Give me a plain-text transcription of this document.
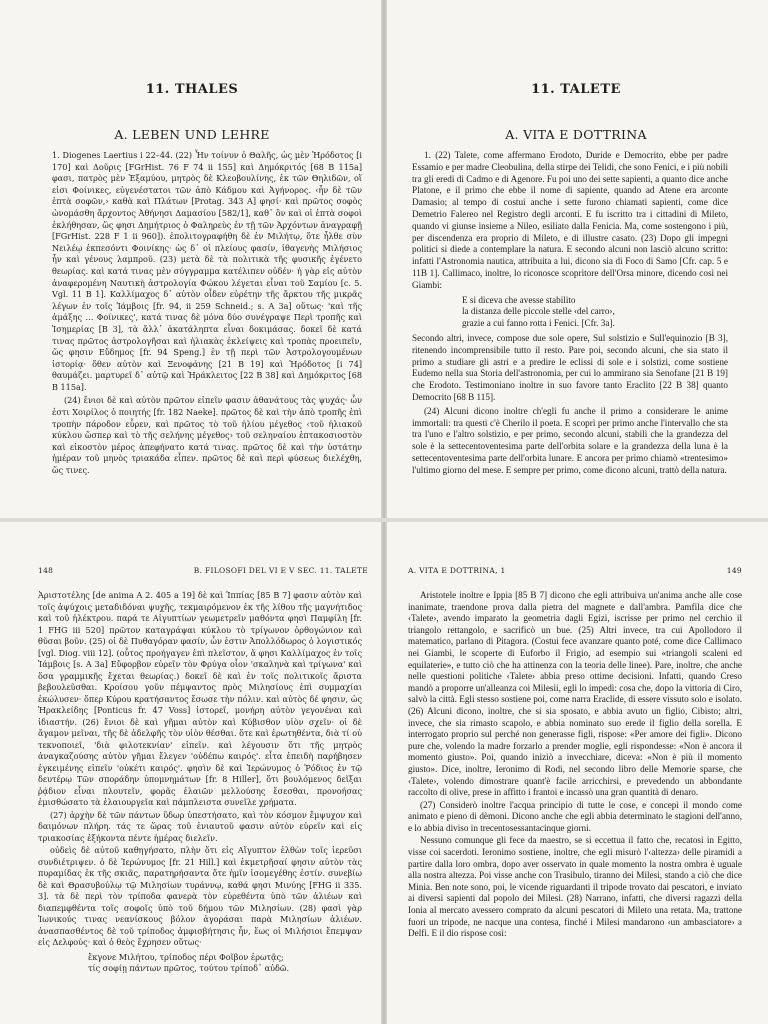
11. THALES
A. LEBEN UND LEHRE

1. Diogenes Laertius i 22–44. (22) Ἦν τοίνυν ὁ Θαλῆς, ὡς μὲν Ἡρόδοτος [i 170] καὶ Δοῦρις [FGrHist. 76 F 74 ii 155] καὶ Δημόκριτός [68 B 115a] φασι, πατρὸς μὲν Ἐξαμύου, μητρὸς δὲ Κλεοβουλίνης, ἐκ τῶν Θηλιδῶν, οἵ εἰσι Φοίνικες, εὐγενέστατοι τῶν ἀπὸ Κάδμου καὶ Ἀγήνορος. ‹ἦν δὲ τῶν ἑπτὰ σοφῶν,› καθὰ καὶ Πλάτων [Protag. 343 A] φησί· καὶ πρῶτος σοφὸς ὠνομάσθη ἄρχοντος Ἀθήνησι Δαμασίου [582/1], καθ᾽ ὃν καὶ οἱ ἑπτὰ σοφοὶ ἐκλήθησαν, ὥς φησι Δημήτριος ὁ Φαληρεὺς ἐν τῇ τῶν Ἀρχόντων ἀναγραφῇ [FGrHist. 228 F 1 ii 960]). ἐπολιτογραφήθη δὲ ἐν Μιλήτῳ, ὅτε ἦλθε σὺν Νειλέῳ ἐκπεσόντι Φοινίκης· ὡς δ᾽ οἱ πλείους φασίν, ἰθαγενὴς Μιλήσιος ἦν καὶ γένους λαμπροῦ. (23) μετὰ δὲ τὰ πολιτικὰ τῆς φυσικῆς ἐγένετο θεωρίας. καὶ κατά τινας μὲν σύγγραμμα κατέλιπεν οὐδέν· ἡ γὰρ εἰς αὐτὸν ἀναφερομένη Ναυτικὴ ἀστρολογία Φώκου λέγεται εἶναι τοῦ Σαμίου [c. 5. Vgl. 11 B 1]. Καλλίμαχος δ᾽ αὐτὸν οἶδεν εὑρέτην τῆς ἄρκτου τῆς μικρᾶς λέγων ἐν τοῖς Ἰάμβοις [fr. 94, ii 259 Schneid.; s. A 3a] οὕτως· 'καὶ τῆς ἁμάξης … Φοίνικες', κατά τινας δὲ μόνα δύο συνέγραψε Περὶ τροπῆς καὶ Ἰσημερίας [B 3], τὰ ἄλλ᾽ ἀκατάληπτα εἶναι δοκιμάσας. δοκεῖ δὲ κατά τινας πρῶτος ἀστρολογῆσαι καὶ ἡλιακὰς ἐκλείψεις καὶ τροπὰς προειπεῖν, ὥς φησιν Εὔδημος [fr. 94 Speng.] ἐν τῇ περὶ τῶν Ἀστρολογουμένων ἱστορίᾳ· ὅθεν αὐτὸν καὶ Ξενοφάνης [21 B 19] καὶ Ἡρόδοτος [i 74] θαυμάζει. μαρτυρεῖ δ᾽ αὐτῷ καὶ Ἡράκλειτος [22 B 38] καὶ Δημόκριτος [68 B 115a].

(24) ἔνιοι δὲ καὶ αὐτὸν πρῶτον εἰπεῖν φασιν ἀθανάτους τὰς ψυχάς· ὧν ἐστι Χοιρίλος ὁ ποιητής [fr. 182 Naeke]. πρῶτος δὲ καὶ τὴν ἀπὸ τροπῆς ἐπὶ τροπὴν πάροδον εὗρεν, καὶ πρῶτος τὸ τοῦ ἡλίου μέγεθος ‹τοῦ ἡλιακοῦ κύκλου ὥσπερ καὶ τὸ τῆς σελήνης μέγεθος› τοῦ σεληναίου ἑπτακοσιοστὸν καὶ εἰκοστὸν μέρος ἀπεφήνατο κατά τινας. πρῶτος δὲ καὶ τὴν ὑστάτην ἡμέραν τοῦ μηνὸς τριακάδα εἶπεν. πρῶτος δὲ καὶ περὶ φύσεως διελέχθη, ὥς τινες.

11. TALETE
A. VITA E DOTTRINA

1. (22) Talete, come affermano Erodoto, Duride e Democrito, ebbe per padre Essamio e per madre Cleobulina, della stirpe dei Telidi, che sono Fenici, e i più nobili tra gli eredi di Cadmo e di Agenore. Fu poi uno dei sette sapienti, a quanto dice anche Platone, e il primo che ebbe il nome di sapiente, quando ad Atene era arconte Damasio; al tempo di costui anche i sette furono chiamati sapienti, come dice Demetrio Falereo nel Registro degli arconti. E fu iscritto tra i cittadini di Mileto, quando vi giunse insieme a Nileo, esiliato dalla Fenicia. Ma, come sostengono i più, per discendenza era proprio di Mileto, e di illustre casato. (23) Dopo gli impegni politici si diede a contemplare la natura. E secondo alcuni non lasciò alcuno scritto: infatti l'Astronomia nautica, attribuita a lui, dicono sia di Foco di Samo [Cfr. cap. 5 e 11B 1]. Callimaco, inoltre, lo riconosce scopritore dell'Orsa minore, dicendo così nei Giambi:

E si diceva che avesse stabilito
la distanza delle piccole stelle ‹del carro›,
grazie a cui fanno rotta i Fenici. [Cfr. 3a].

Secondo altri, invece, compose due sole opere, Sul solstizio e Sull'equinozio [B 3], ritenendo incomprensibile tutto il resto. Pare poi, secondo alcuni, che sia stato il primo a studiare gli astri e a predire le eclissi di sole e i solstizi, come sostiene Eudemo nella sua Storia dell'astronomia, per cui lo ammirano sia Senofane [21 B 19] che Erodoto. Testimoniano inoltre in suo favore tanto Eraclito [22 B 38] quanto Democrito [68 B 115].

(24) Alcuni dicono inoltre ch'egli fu anche il primo a considerare le anime immortali: tra questi c'è Cherilo il poeta. E scoprì per primo anche l'intervallo che sta tra l'uno e l'altro solstizio, e per primo, secondo alcuni, stabilì che la grandezza del sole è la settecentoventesima parte dell'orbita solare e la grandezza della luna è la settecentoventesima parte dell'orbita lunare. E ancora per primo chiamò «trentesimo» l'ultimo giorno del mese. E sempre per primo, come dicono alcuni, trattò della natura.

148	B. FILOSOFI DEL VI E V SEC. 11. TALETE

Ἀριστοτέλης [de anima A 2. 405 a 19] δὲ καὶ Ἱππίας [85 B 7] φασιν αὐτὸν καὶ τοῖς ἀψύχοις μεταδιδόναι ψυχῆς, τεκμαιρόμενον ἐκ τῆς λίθου τῆς μαγνήτιδος καὶ τοῦ ἠλέκτρου. παρά τε Αἰγυπτίων γεωμετρεῖν μαθόντα φησὶ Παμφίλη [fr. 1 FHG iii 520] πρῶτον καταγράψαι κύκλου τὸ τρίγωνον ὀρθογώνιον καὶ θῦσαι βοῦν. (25) οἱ δὲ Πυθαγόραν φασίν, ὧν ἐστιν Ἀπολλόδωρος ὁ λογιστικός [vgl. Diog. viii 12]. (οὗτος προήγαγεν ἐπὶ πλεῖστον, ἅ φησι Καλλίμαχος ἐν τοῖς Ἰάμβοις [s. A 3a] Εὔφορβον εὑρεῖν τὸν Φρύγα οἷον 'σκαληνὰ καὶ τρίγωνα' καὶ ὅσα γραμμικῆς ἔχεται θεωρίας.) δοκεῖ δὲ καὶ ἐν τοῖς πολιτικοῖς ἄριστα βεβουλεῦσθαι. Κροίσου γοῦν πέμψαντος πρὸς Μιλησίους ἐπὶ συμμαχίαι ἐκώλυσεν· ὅπερ Κύρου κρατήσαντος ἔσωσε τὴν πόλιν. καὶ αὐτὸς δέ φησιν, ὡς Ἡρακλείδης [Ponticus fr. 47 Voss] ἱστορεῖ, μονήρη αὐτὸν γεγονέναι καὶ ἰδιαστήν. (26) ἔνιοι δὲ καὶ γῆμαι αὐτὸν καὶ Κύβισθον υἱὸν σχεῖν· οἱ δὲ ἄγαμον μεῖναι, τῆς δὲ ἀδελφῆς τὸν υἱὸν θέσθαι. ὅτε καὶ ἐρωτηθέντα, διὰ τί οὐ τεκνοποιεῖ, 'διὰ φιλοτεκνίαν' εἰπεῖν. καὶ λέγουσιν ὅτι τῆς μητρὸς ἀναγκαζούσης αὐτὸν γῆμαι ἔλεγεν 'οὐδέπω καιρός'. εἶτα ἐπειδὴ παρήβησεν ἐγκειμένης εἰπεῖν 'οὐκέτι καιρός'. φησὶν δὲ καὶ Ἱερώνυμος ὁ Ῥόδιος ἐν τῷ δευτέρῳ Τῶν σποράδην ὑπομνημάτων [fr. 8 Hiller], ὅτι βουλόμενος δεῖξαι ῥᾴδιον εἶναι πλουτεῖν, φορᾶς ἐλαιῶν μελλούσης ἔσεσθαι, προνοήσας ἐμισθώσατο τὰ ἐλαιουργεῖα καὶ πάμπλειστα συνεῖλε χρήματα.

(27) ἀρχὴν δὲ τῶν πάντων ὕδωρ ὑπεστήσατο, καὶ τὸν κόσμον ἔμψυχον καὶ δαιμόνων πλήρη. τάς τε ὥρας τοῦ ἐνιαυτοῦ φασιν αὐτὸν εὑρεῖν καὶ εἰς τριακοσίας ἑξήκοντα πέντε ἡμέρας διελεῖν.

οὐδεὶς δὲ αὐτοῦ καθηγήσατο, πλὴν ὅτι εἰς Αἴγυπτον ἐλθὼν τοῖς ἱερεῦσι συνδιέτριψεν. ὁ δὲ Ἱερώνυμος [fr. 21 Hill.] καὶ ἐκμετρῆσαί φησιν αὐτὸν τὰς πυραμίδας ἐκ τῆς σκιᾶς, παρατηρήσαντα ὅτε ἡμῖν ἰσομεγέθης ἐστίν. συνεβίω δὲ καὶ Θρασυβούλῳ τῷ Μιλησίων τυράννῳ, καθά φησι Μινύης [FHG ii 335. 3]. τὰ δὲ περὶ τὸν τρίποδα φανερὰ τὸν εὑρεθέντα ὑπὸ τῶν ἁλιέων καὶ διαπεμφθέντα τοῖς σοφοῖς ὑπὸ τοῦ δήμου τῶν Μιλησίων. (28) φασὶ γὰρ Ἰωνικούς τινας νεανίσκους βόλον ἀγοράσαι παρὰ Μιλησίων ἁλιέων. ἀνασπασθέντος δὲ τοῦ τρίποδος ἀμφισβήτησις ἦν, ἕως οἱ Μιλήσιοι ἔπεμψαν εἰς Δελφούς· καὶ ὁ θεὸς ἔχρησεν οὕτως·

ἔκγονε Μιλήτου, τρίποδος πέρι Φοῖβον ἐρωτᾷς;
τίς σοφίῃ πάντων πρῶτος, τούτου τρίποδ᾽ αὐδῶ.
A. VITA E DOTTRINA, 1	149

Aristotele inoltre e Ippia [85 B 7] dicono che egli attribuiva un'anima anche alle cose inanimate, traendone prova dalla pietra del magnete e dall'ambra. Pamfila dice che ‹Talete›, avendo imparato la geometria dagli Egizi, iscrisse per primo nel cerchio il triangolo rettangolo, e sacrificò un bue. (25) Altri invece, tra cui Apollodoro il matematico, parlano di Pitagora. (Costui fece avanzare quanto poté, come dice Callimaco nei Giambi, le scoperte di Euforbo il Frigio, ad esempio sui «triangoli scaleni ed equilaterie», e tutto ciò che ha attinenza con la teoria delle linee). Pare, inoltre, che anche nelle questioni politiche ‹Talete› abbia preso ottime decisioni. Infatti, quando Creso mandò a proporre un'alleanza coi Milesii, egli lo impedì: cosa che, dopo la vittoria di Ciro, salvò la città. Egli stesso sostiene poi, come narra Eraclide, di essere vissuto solo e isolato. (26) Alcuni dicono, inoltre, che si sia sposato, e abbia avuto un figlio, Cibisto; altri, invece, che sia rimasto scapolo, e abbia nominato suo erede il figlio della sorella. E interrogato proprio sul perché non generasse figli, rispose: «Per amore dei figli». Dicono pure che, volendo la madre forzarlo a prender moglie, egli rispondesse: «Non è ancora il momento giusto». Poi, quando iniziò a invecchiare, diceva: «Non è più il momento giusto». Dice, inoltre, Ieronimo di Rodi, nel secondo libro delle Memorie sparse, che ‹Talete›, volendo dimostrare quant'è facile arricchirsi, e prevedendo un abbondante raccolto di olive, prese in affitto i frantoi e incassò una gran quantità di denaro.

(27) Considerò inoltre l'acqua principio di tutte le cose, e concepì il mondo come animato e pieno di dèmoni. Dicono anche che egli abbia determinato le stagioni dell'anno, e lo abbia diviso in trecentosessantacinque giorni.

Nessuno comunque gli fece da maestro, se si eccettua il fatto che, recatosi in Egitto, visse coi sacerdoti. Ieronimo sostiene, inoltre, che egli misurò l'‹altezza› delle piramidi a partire dalla loro ombra, dopo aver osservato in quale momento la nostra ombra è uguale alla nostra altezza. Poi visse anche con Trasibulo, tiranno dei Milesi, stando a ciò che dice Minia. Ben note sono, poi, le vicende riguardanti il tripode trovato dai pescatori, e inviato ai diversi sapienti dal popolo dei Milesi. (28) Narrano, infatti, che diversi ragazzi della Ionia al mercato avessero comprato da alcuni pescatori di Mileto una retata. Ma, trattone fuori un tripode, ne nacque una contesa, finché i Milesi mandarono ‹un ambasciatore› a Delfi. E il dio rispose così:
